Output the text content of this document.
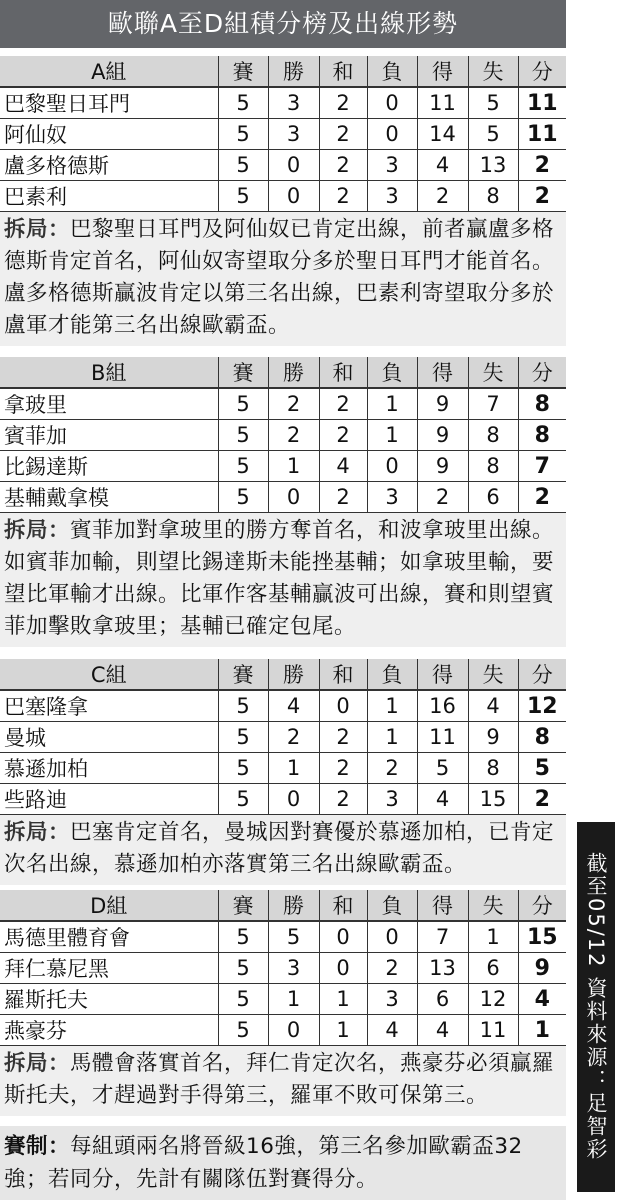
歐聯A至D組積分榜及出線形勢
A組	賽	勝	和	負	得	失	分
巴黎聖日耳門	5	3	2	0	11	5	11
阿仙奴	5	3	2	0	14	5	11
盧多格德斯	5	0	2	3	4	13	2
巴素利	5	0	2	3	2	8	2
拆局：巴黎聖日耳門及阿仙奴已肯定出線，前者贏盧多格德斯肯定首名，阿仙奴寄望取分多於聖日耳門才能首名。盧多格德斯贏波肯定以第三名出線，巴素利寄望取分多於盧軍才能第三名出線歐霸盃。
B組	賽	勝	和	負	得	失	分
拿玻里	5	2	2	1	9	7	8
賓菲加	5	2	2	1	9	8	8
比錫達斯	5	1	4	0	9	8	7
基輔戴拿模	5	0	2	3	2	6	2
拆局：賓菲加對拿玻里的勝方奪首名，和波拿玻里出線。如賓菲加輸，則望比錫達斯未能挫基輔；如拿玻里輸，要望比軍輸才出線。比軍作客基輔贏波可出線，賽和則望賓菲加擊敗拿玻里；基輔已確定包尾。
C組	賽	勝	和	負	得	失	分
巴塞隆拿	5	4	0	1	16	4	12
曼城	5	2	2	1	11	9	8
慕遜加柏	5	1	2	2	5	8	5
些路迪	5	0	2	3	4	15	2
拆局：巴塞肯定首名，曼城因對賽優於慕遜加柏，已肯定次名出線，慕遜加柏亦落實第三名出線歐霸盃。
D組	賽	勝	和	負	得	失	分
馬德里體育會	5	5	0	0	7	1	15
拜仁慕尼黑	5	3	0	2	13	6	9
羅斯托夫	5	1	1	3	6	12	4
燕豪芬	5	0	1	4	4	11	1
拆局：馬體會落實首名，拜仁肯定次名，燕豪芬必須贏羅斯托夫，才趕過對手得第三，羅軍不敗可保第三。
賽制：每組頭兩名將晉級16強，第三名參加歐霸盃32強；若同分，先計有關隊伍對賽得分。
截至05/12 資料來源：足智彩
